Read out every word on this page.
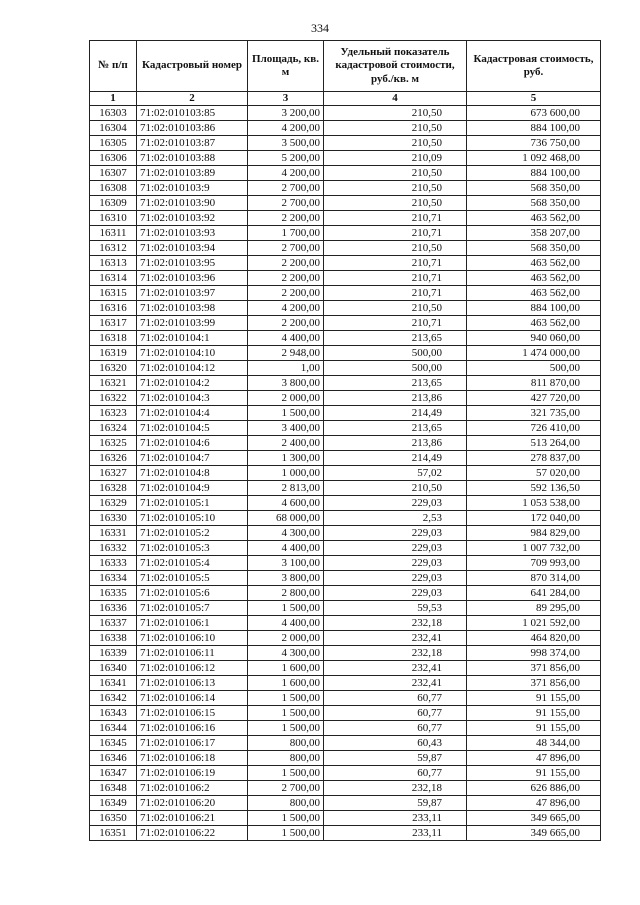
334
№ п/п	Кадастровый номер	Площадь, кв. м	Удельный показатель кадастровой стоимости, руб./кв. м	Кадастровая стоимость, руб.
1	2	3	4	5
16303	71:02:010103:85	3 200,00	210,50	673 600,00
16304	71:02:010103:86	4 200,00	210,50	884 100,00
16305	71:02:010103:87	3 500,00	210,50	736 750,00
16306	71:02:010103:88	5 200,00	210,09	1 092 468,00
16307	71:02:010103:89	4 200,00	210,50	884 100,00
16308	71:02:010103:9	2 700,00	210,50	568 350,00
16309	71:02:010103:90	2 700,00	210,50	568 350,00
16310	71:02:010103:92	2 200,00	210,71	463 562,00
16311	71:02:010103:93	1 700,00	210,71	358 207,00
16312	71:02:010103:94	2 700,00	210,50	568 350,00
16313	71:02:010103:95	2 200,00	210,71	463 562,00
16314	71:02:010103:96	2 200,00	210,71	463 562,00
16315	71:02:010103:97	2 200,00	210,71	463 562,00
16316	71:02:010103:98	4 200,00	210,50	884 100,00
16317	71:02:010103:99	2 200,00	210,71	463 562,00
16318	71:02:010104:1	4 400,00	213,65	940 060,00
16319	71:02:010104:10	2 948,00	500,00	1 474 000,00
16320	71:02:010104:12	1,00	500,00	500,00
16321	71:02:010104:2	3 800,00	213,65	811 870,00
16322	71:02:010104:3	2 000,00	213,86	427 720,00
16323	71:02:010104:4	1 500,00	214,49	321 735,00
16324	71:02:010104:5	3 400,00	213,65	726 410,00
16325	71:02:010104:6	2 400,00	213,86	513 264,00
16326	71:02:010104:7	1 300,00	214,49	278 837,00
16327	71:02:010104:8	1 000,00	57,02	57 020,00
16328	71:02:010104:9	2 813,00	210,50	592 136,50
16329	71:02:010105:1	4 600,00	229,03	1 053 538,00
16330	71:02:010105:10	68 000,00	2,53	172 040,00
16331	71:02:010105:2	4 300,00	229,03	984 829,00
16332	71:02:010105:3	4 400,00	229,03	1 007 732,00
16333	71:02:010105:4	3 100,00	229,03	709 993,00
16334	71:02:010105:5	3 800,00	229,03	870 314,00
16335	71:02:010105:6	2 800,00	229,03	641 284,00
16336	71:02:010105:7	1 500,00	59,53	89 295,00
16337	71:02:010106:1	4 400,00	232,18	1 021 592,00
16338	71:02:010106:10	2 000,00	232,41	464 820,00
16339	71:02:010106:11	4 300,00	232,18	998 374,00
16340	71:02:010106:12	1 600,00	232,41	371 856,00
16341	71:02:010106:13	1 600,00	232,41	371 856,00
16342	71:02:010106:14	1 500,00	60,77	91 155,00
16343	71:02:010106:15	1 500,00	60,77	91 155,00
16344	71:02:010106:16	1 500,00	60,77	91 155,00
16345	71:02:010106:17	800,00	60,43	48 344,00
16346	71:02:010106:18	800,00	59,87	47 896,00
16347	71:02:010106:19	1 500,00	60,77	91 155,00
16348	71:02:010106:2	2 700,00	232,18	626 886,00
16349	71:02:010106:20	800,00	59,87	47 896,00
16350	71:02:010106:21	1 500,00	233,11	349 665,00
16351	71:02:010106:22	1 500,00	233,11	349 665,00
